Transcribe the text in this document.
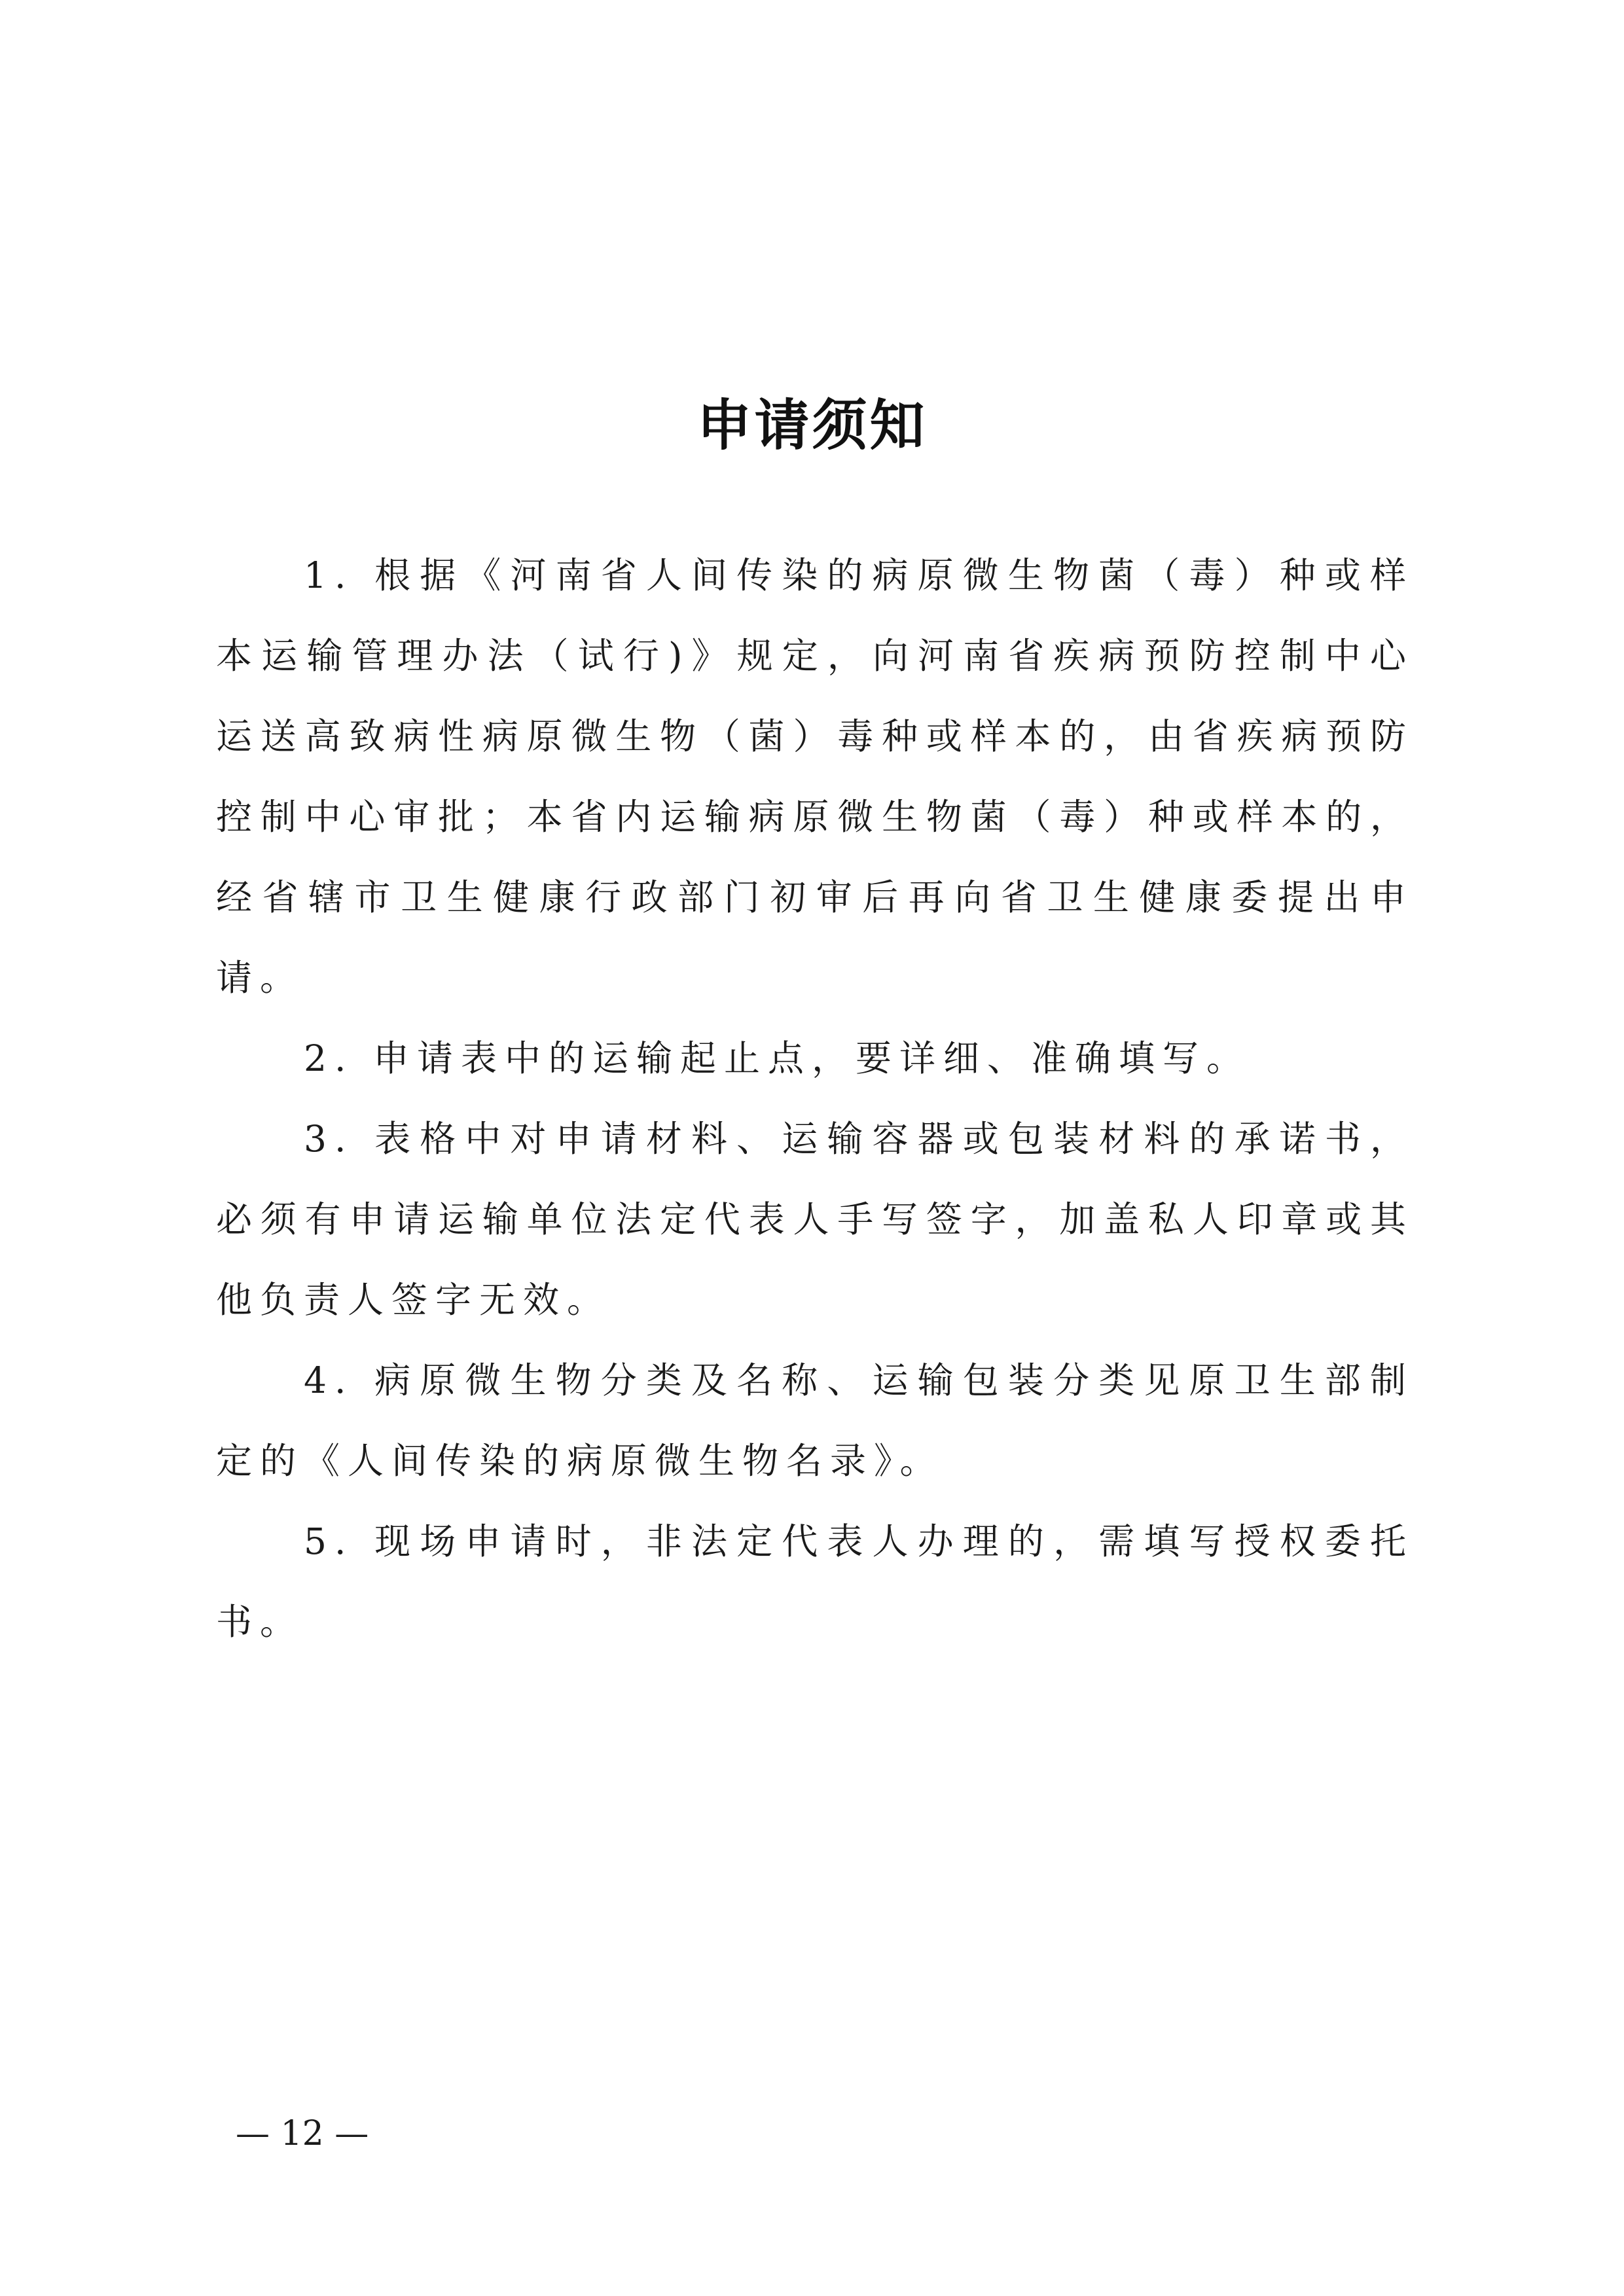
申请须知

1. 根据《河南省人间传染的病原微生物菌（毒）种或样本运输管理办法（试行)》规定，向河南省疾病预防控制中心运送高致病性病原微生物（菌）毒种或样本的，由省疾病预防控制中心审批；本省内运输病原微生物菌（毒）种或样本的，经省辖市卫生健康行政部门初审后再向省卫生健康委提出申请。

2. 申请表中的运输起止点，要详细、准确填写。

3. 表格中对申请材料、运输容器或包装材料的承诺书，必须有申请运输单位法定代表人手写签字，加盖私人印章或其他负责人签字无效。

4. 病原微生物分类及名称、运输包装分类见原卫生部制定的《人间传染的病原微生物名录》。

5. 现场申请时，非法定代表人办理的，需填写授权委托书。

— 12 —
